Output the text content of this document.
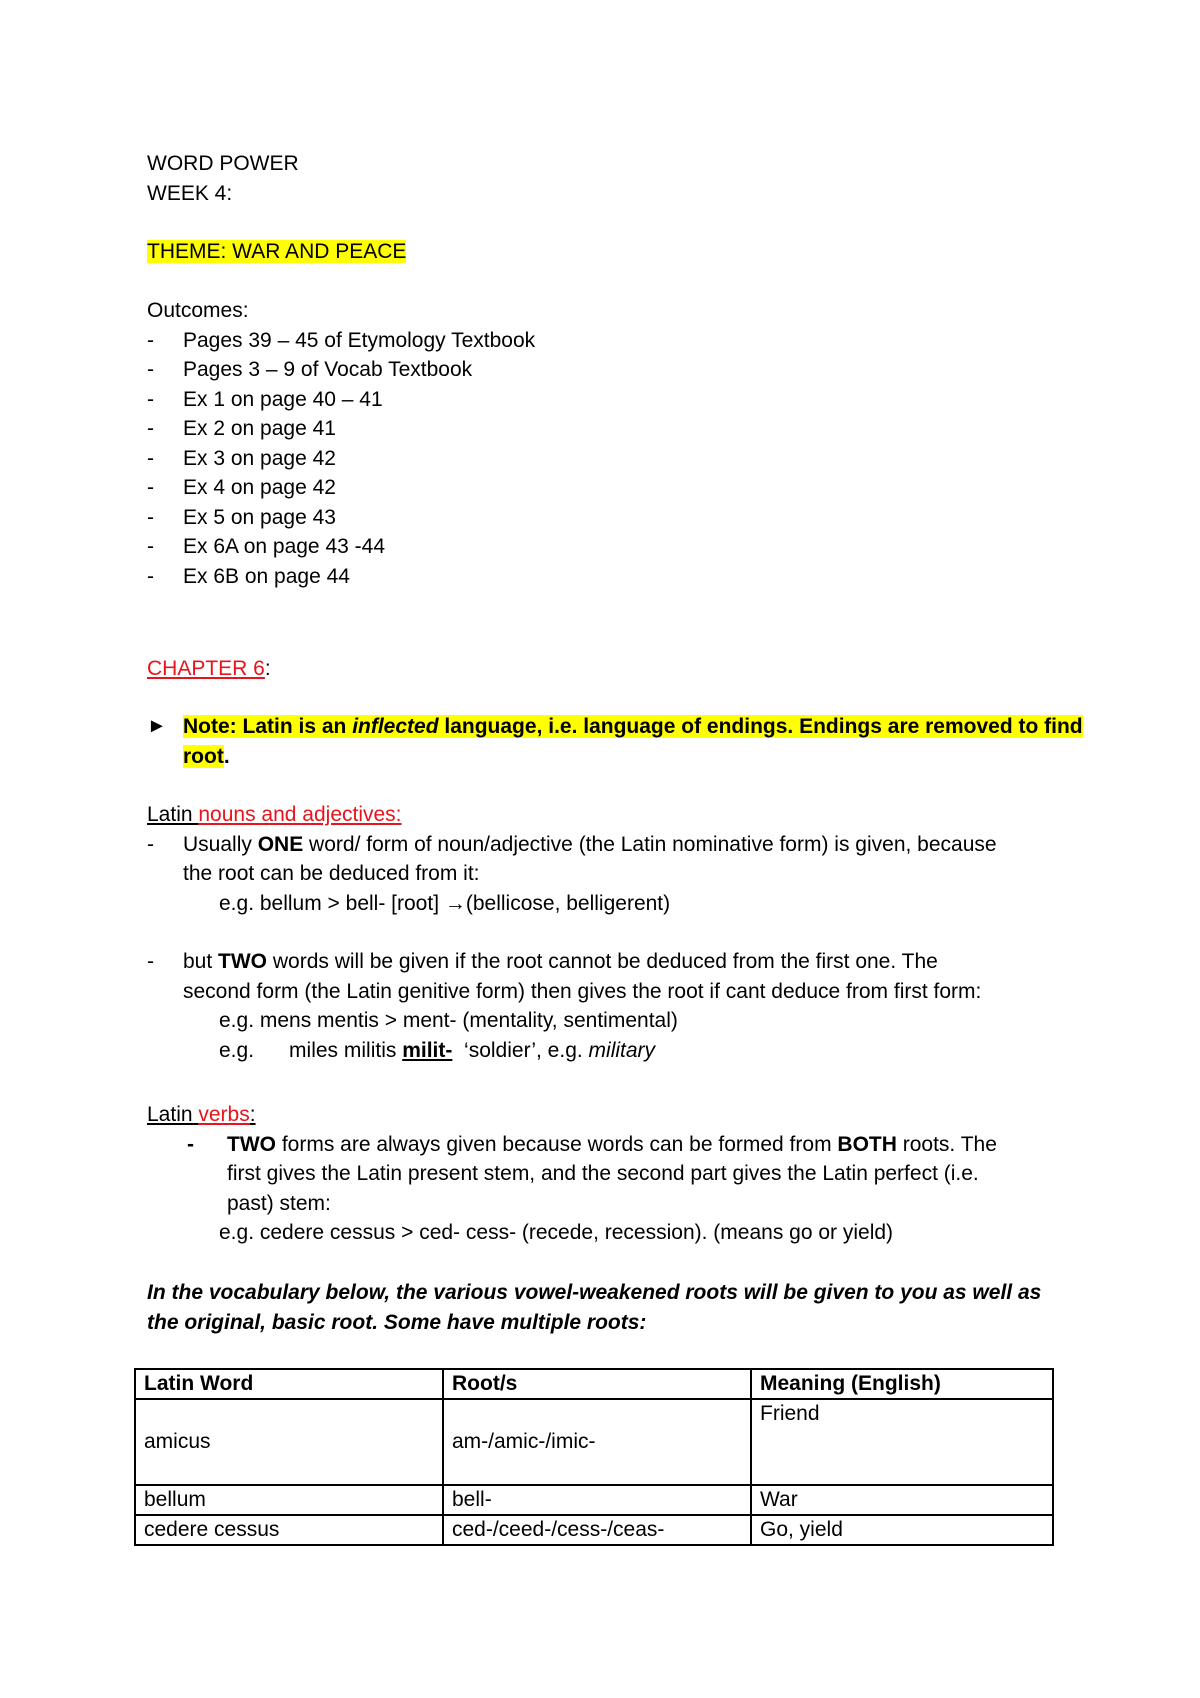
WORD POWER
WEEK 4:
THEME: WAR AND PEACE
Outcomes:
- Pages 39 – 45 of Etymology Textbook
- Pages 3 – 9 of Vocab Textbook
- Ex 1 on page 40 – 41
- Ex 2 on page 41
- Ex 3 on page 42
- Ex 4 on page 42
- Ex 5 on page 43
- Ex 6A on page 43 -44
- Ex 6B on page 44
CHAPTER 6:
► Note: Latin is an inflected language, i.e. language of endings. Endings are removed to find
root.
Latin nouns and adjectives:
- Usually ONE word/ form of noun/adjective (the Latin nominative form) is given, because
the root can be deduced from it:
e.g. bellum > bell- [root] →(bellicose, belligerent)
- but TWO words will be given if the root cannot be deduced from the first one. The
second form (the Latin genitive form) then gives the root if cant deduce from first form:
e.g. mens mentis > ment- (mentality, sentimental)
e.g.      miles militis milit-  ‘soldier’, e.g. military
Latin verbs:
- TWO forms are always given because words can be formed from BOTH roots. The
first gives the Latin present stem, and the second part gives the Latin perfect (i.e.
past) stem:
e.g. cedere cessus > ced- cess- (recede, recession). (means go or yield)
In the vocabulary below, the various vowel-weakened roots will be given to you as well as
the original, basic root. Some have multiple roots:
Latin Word	Root/s	Meaning (English)
amicus	am-/amic-/imic-	Friend
bellum	bell-	War
cedere cessus	ced-/ceed-/cess-/ceas-	Go, yield
